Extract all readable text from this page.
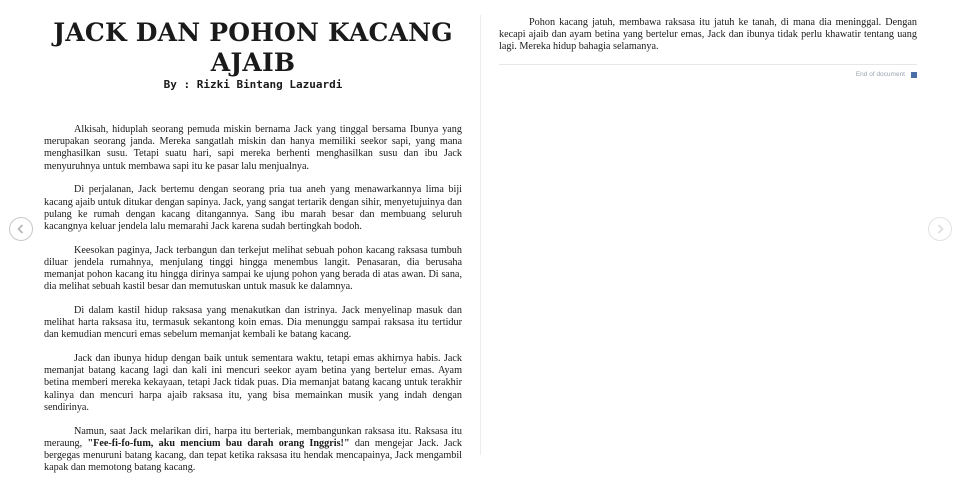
JACK DAN POHON KACANG AJAIB

By : Rizki Bintang Lazuardi

Alkisah, hiduplah seorang pemuda miskin bernama Jack yang tinggal bersama Ibunya yang merupakan seorang janda. Mereka sangatlah miskin dan hanya memiliki seekor sapi, yang mana menghasilkan susu. Tetapi suatu hari, sapi mereka berhenti menghasilkan susu dan ibu Jack menyuruhnya untuk membawa sapi itu ke pasar lalu menjualnya.

Di perjalanan, Jack bertemu dengan seorang pria tua aneh yang menawarkannya lima biji kacang ajaib untuk ditukar dengan sapinya. Jack, yang sangat tertarik dengan sihir, menyetujuinya dan pulang ke rumah dengan kacang ditangannya. Sang ibu marah besar dan membuang seluruh kacangnya keluar jendela lalu memarahi Jack karena sudah bertingkah bodoh.

Keesokan paginya, Jack terbangun dan terkejut melihat sebuah pohon kacang raksasa tumbuh diluar jendela rumahnya, menjulang tinggi hingga menembus langit. Penasaran, dia berusaha memanjat pohon kacang itu hingga dirinya sampai ke ujung pohon yang berada di atas awan. Di sana, dia melihat sebuah kastil besar dan memutuskan untuk masuk ke dalamnya.

Di dalam kastil hidup raksasa yang menakutkan dan istrinya. Jack menyelinap masuk dan melihat harta raksasa itu, termasuk sekantong koin emas. Dia menunggu sampai raksasa itu tertidur dan kemudian mencuri emas sebelum memanjat kembali ke batang kacang.

Jack dan ibunya hidup dengan baik untuk sementara waktu, tetapi emas akhirnya habis. Jack memanjat batang kacang lagi dan kali ini mencuri seekor ayam betina yang bertelur emas. Ayam betina memberi mereka kekayaan, tetapi Jack tidak puas. Dia memanjat batang kacang untuk terakhir kalinya dan mencuri harpa ajaib raksasa itu, yang bisa memainkan musik yang indah dengan sendirinya.

Namun, saat Jack melarikan diri, harpa itu berteriak, membangunkan raksasa itu. Raksasa itu meraung, "Fee-fi-fo-fum, aku mencium bau darah orang Inggris!" dan mengejar Jack. Jack bergegas menuruni batang kacang, dan tepat ketika raksasa itu hendak mencapainya, Jack mengambil kapak dan memotong batang kacang.

Pohon kacang jatuh, membawa raksasa itu jatuh ke tanah, di mana dia meninggal. Dengan kecapi ajaib dan ayam betina yang bertelur emas, Jack dan ibunya tidak perlu khawatir tentang uang lagi. Mereka hidup bahagia selamanya.

End of document
